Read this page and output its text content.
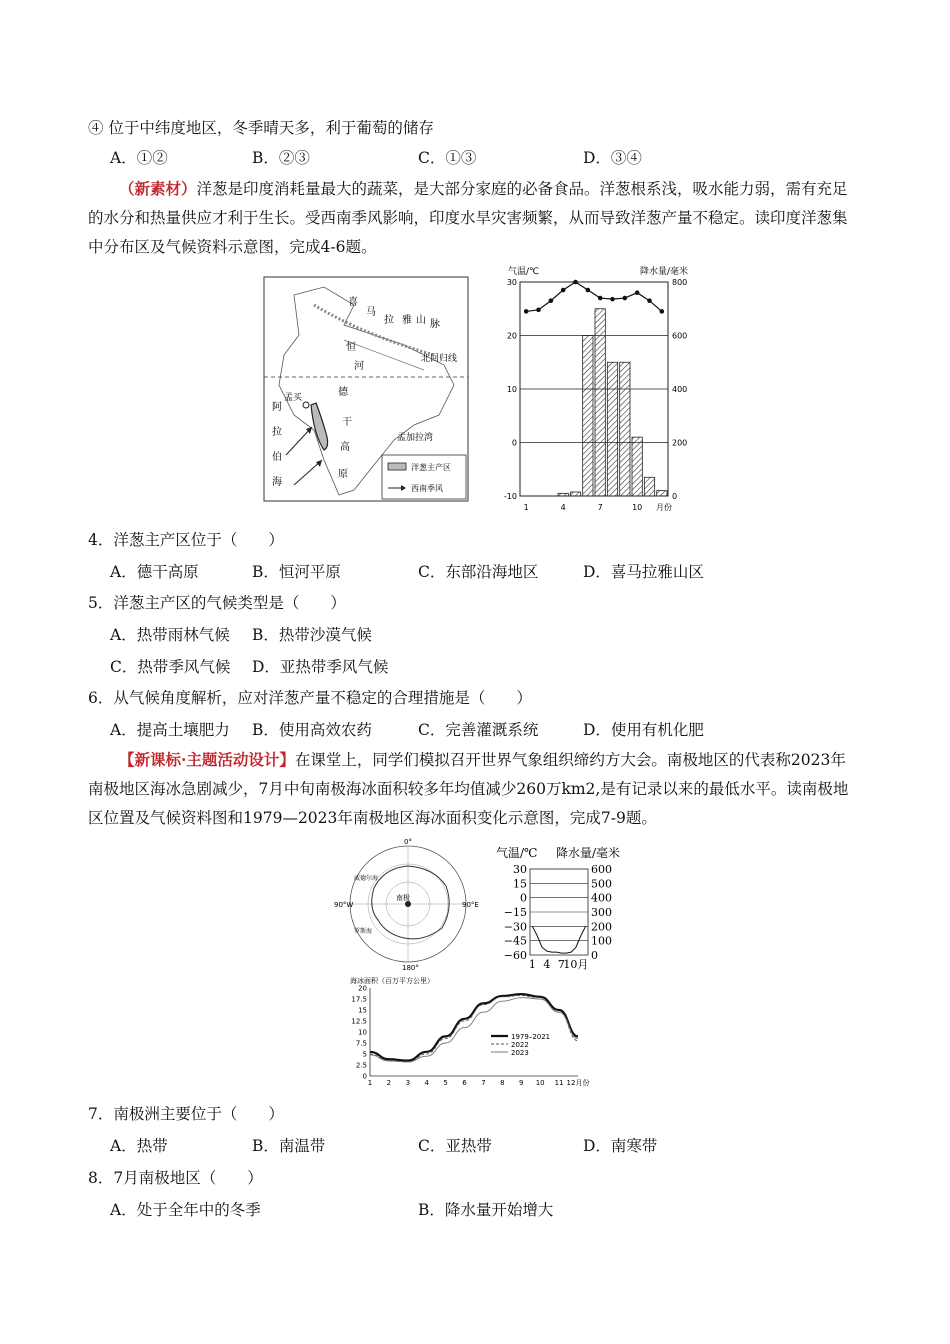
④ 位于中纬度地区，冬季晴天多，利于葡萄的储存
A．①②	B．②③	C．①③	D．③④
（新素材）洋葱是印度消耗量最大的蔬菜，是大部分家庭的必备食品。洋葱根系浅，吸水能力弱，需有充足的水分和热量供应才利于生长。受西南季风影响，印度水旱灾害频繁，从而导致洋葱产量不稳定。读印度洋葱集中分布区及气候资料示意图，完成4-6题。
喜
马
拉 雅 山 脉
恒
河
北回归线
孟买	德
干
高
原
阿
拉
伯
海
孟加拉湾
洋葱主产区
西南季风
气温/℃	降水量/毫米
30
20
10
0
-10
800
600
400
200
0
1	4	7	10 月份
4．洋葱主产区位于（　　）
A．德干高原	B．恒河平原	C．东部沿海地区	D．喜马拉雅山区
5．洋葱主产区的气候类型是（　　）
A．热带雨林气候 B．热带沙漠气候
C．热带季风气候 D．亚热带季风气候
6．从气候角度解析，应对洋葱产量不稳定的合理措施是（　　）
A．提高土壤肥力 B．使用高效农药	C．完善灌溉系统	D．使用有机化肥
【新课标·主题活动设计】在课堂上，同学们模拟召开世界气象组织缔约方大会。南极地区的代表称2023年南极地区海冰急剧减少，7月中旬南极海冰面积较多年均值减少260万km2,是有记录以来的最低水平。读南极地区位置及气候资料图和1979—2023年南极地区海冰面积变化示意图，完成7-9题。
90°W	90°E
180°
0°
南极
威德尔海
罗斯海
气温/℃ 降水量/毫米
30
15
0
−15
−30
−45
−60
600
500
400
300
200
100
0
1 4 7
10月
海冰面积（百万平方公里）
1979–2021
2022
2023
20
17.5
15
12.5
10
7.5
5
2.5
0
1 2 3 4 5 6 7 8 9 10 11 12月份
7．南极洲主要位于（　　）
A．热带	B．南温带	C．亚热带	D．南寒带
8．7月南极地区（　　）
A．处于全年中的冬季	B．降水量开始增大
